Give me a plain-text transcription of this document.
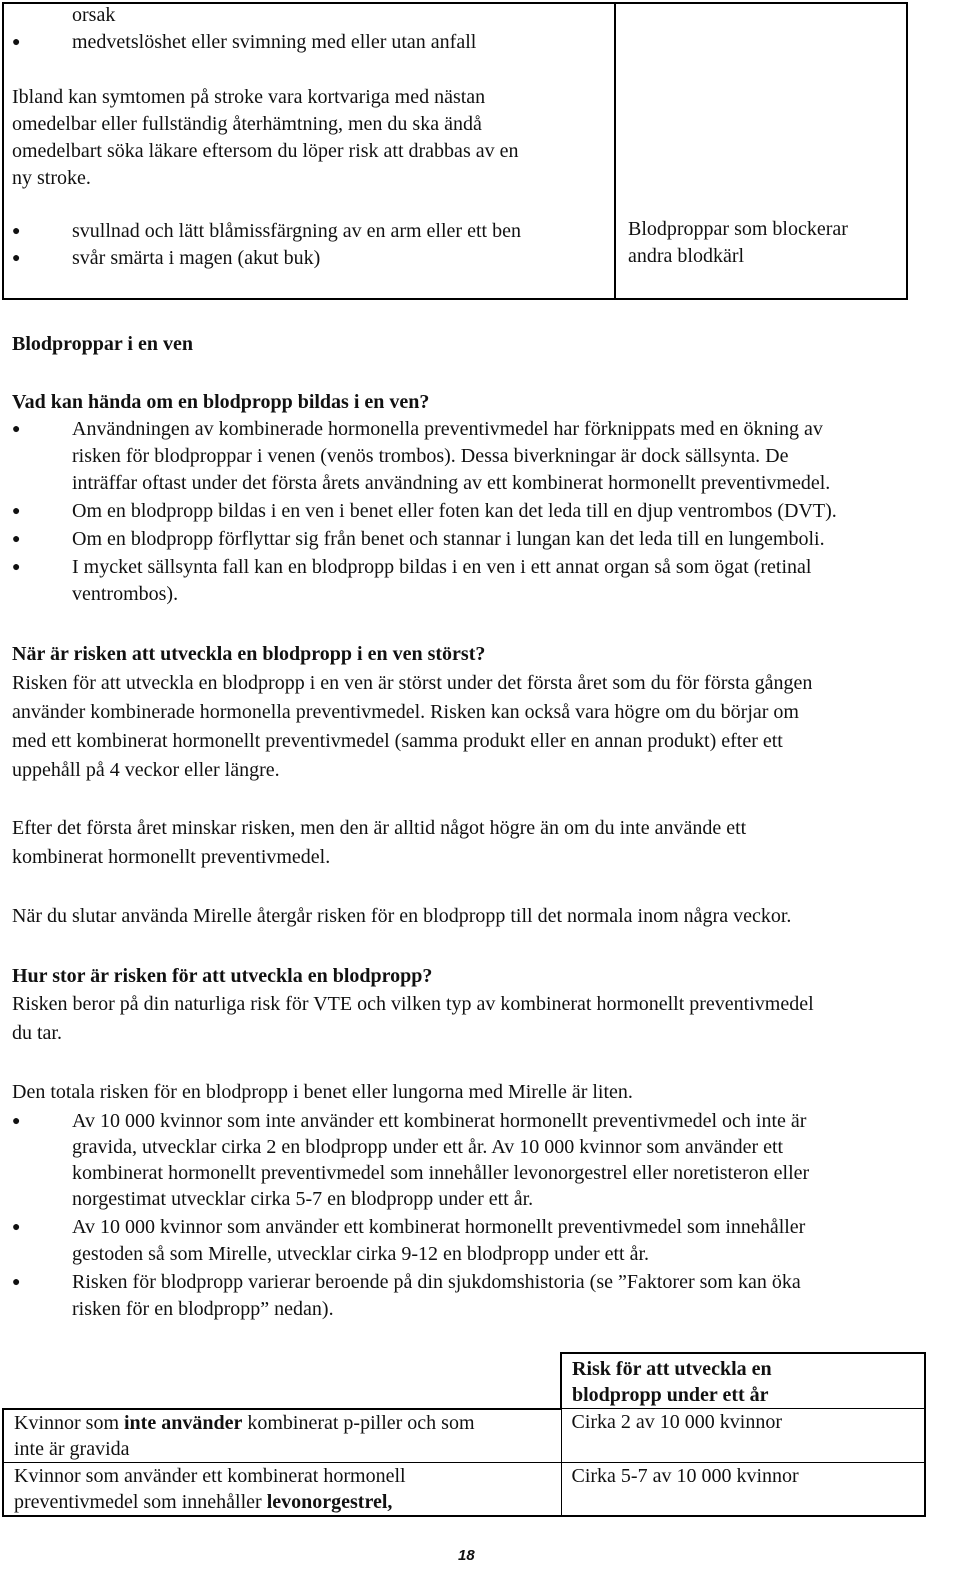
orsak

●	medvetslöshet eller svimning med eller utan anfall

Ibland kan symtomen på stroke vara kortvariga med nästan

omedelbar eller fullständig återhämtning, men du ska ändå

omedelbart söka läkare eftersom du löper risk att drabbas av en

ny stroke.

●	svullnad och lätt blåmissfärgning av en arm eller ett ben

●	svår smärta i magen (akut buk)

Blodproppar som blockerar

andra blodkärl

Blodproppar i en ven

Vad kan hända om en blodpropp bildas i en ven?

●	Användningen av kombinerade hormonella preventivmedel har förknippats med en ökning av

risken för blodproppar i venen (venös trombos). Dessa biverkningar är dock sällsynta. De

inträffar oftast under det första årets användning av ett kombinerat hormonellt preventivmedel.

●	Om en blodpropp bildas i en ven i benet eller foten kan det leda till en djup ventrombos (DVT).

●	Om en blodpropp förflyttar sig från benet och stannar i lungan kan det leda till en lungemboli.

●	I mycket sällsynta fall kan en blodpropp bildas i en ven i ett annat organ så som ögat (retinal

ventrombos).

När är risken att utveckla en blodpropp i en ven störst?

Risken för att utveckla en blodpropp i en ven är störst under det första året som du för första gången

använder kombinerade hormonella preventivmedel. Risken kan också vara högre om du börjar om

med ett kombinerat hormonellt preventivmedel (samma produkt eller en annan produkt) efter ett

uppehåll på 4 veckor eller längre.

Efter det första året minskar risken, men den är alltid något högre än om du inte använde ett

kombinerat hormonellt preventivmedel.

När du slutar använda Mirelle återgår risken för en blodpropp till det normala inom några veckor.

Hur stor är risken för att utveckla en blodpropp?

Risken beror på din naturliga risk för VTE och vilken typ av kombinerat hormonellt preventivmedel

du tar.

Den totala risken för en blodpropp i benet eller lungorna med Mirelle är liten.

●	Av 10 000 kvinnor som inte använder ett kombinerat hormonellt preventivmedel och inte är

gravida, utvecklar cirka 2 en blodpropp under ett år. Av 10 000 kvinnor som använder ett

kombinerat hormonellt preventivmedel som innehåller levonorgestrel eller noretisteron eller

norgestimat utvecklar cirka 5-7 en blodpropp under ett år.

●	Av 10 000 kvinnor som använder ett kombinerat hormonellt preventivmedel som innehåller

gestoden så som Mirelle, utvecklar cirka 9-12 en blodpropp under ett år.

●	Risken för blodpropp varierar beroende på din sjukdomshistoria (se ”Faktorer som kan öka

risken för en blodpropp” nedan).

	Risk för att utveckla en
blodpropp under ett år

Kvinnor som inte använder kombinerat p-piller och som
inte är gravida	Cirka 2 av 10 000 kvinnor

Kvinnor som använder ett kombinerat hormonell
preventivmedel som innehåller levonorgestrel,	Cirka 5-7 av 10 000 kvinnor

18
